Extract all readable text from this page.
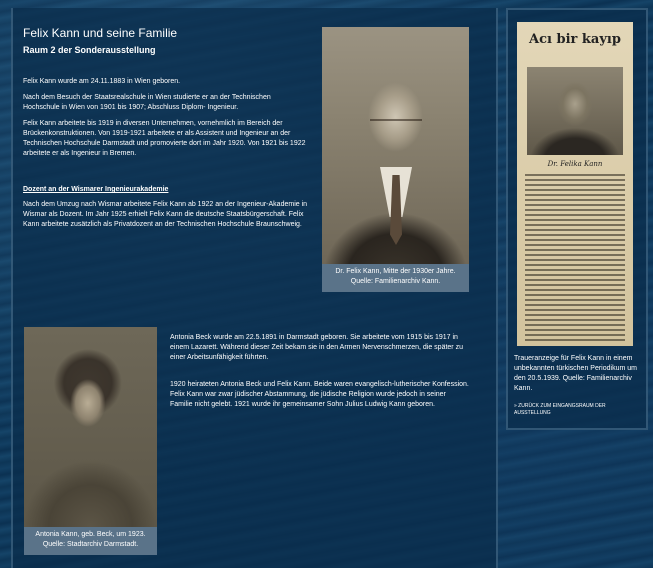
Felix Kann und seine Familie
Raum 2 der Sonderausstellung

Felix Kann wurde am 24.11.1883 in Wien geboren.

Nach dem Besuch der Staatsrealschule in Wien studierte er an der Technischen Hochschule in Wien von 1901 bis 1907; Abschluss Diplom- Ingenieur.

Felix Kann arbeitete bis 1919 in diversen Unternehmen, vornehmlich im Bereich der Brückenkonstruktionen. Von 1919-1921 arbeitete er als Assistent und Ingenieur an der Technischen Hochschule Darmstadt und promovierte dort im Jahr 1920. Von 1921 bis 1922 arbeitete er als Ingenieur in Bremen.

Dozent an der Wismarer Ingenieurakademie

Nach dem Umzug nach Wismar arbeitete Felix Kann ab 1922 an der Ingenieur-Akademie in Wismar als Dozent. Im Jahr 1925 erhielt Felix Kann die deutsche Staatsbürgerschaft. Felix Kann arbeitete zusätzlich als Privatdozent an der Technischen Hochschule Braunschweig.

Dr. Felix Kann, Mitte der 1930er Jahre.
Quelle: Familienarchiv Kann.
Antonia Kann, geb. Beck, um 1923.
Quelle: Stadtarchiv Darmstadt.

Antonia Beck wurde am 22.5.1891 in Darmstadt geboren. Sie arbeitete vom 1915 bis 1917 in einem Lazarett. Während dieser Zeit bekam sie in den Armen Nervenschmerzen, die später zu einer Arbeitsunfähigkeit führten.

1920 heirateten Antonia Beck und Felix Kann. Beide waren evangelisch-lutherischer Konfession. Felix Kann war zwar jüdischer Abstammung, die jüdische Religion wurde jedoch in seiner Familie nicht gelebt. 1921 wurde ihr gemeinsamer Sohn Julius Ludwig Kann geboren.

Acı bir kayıp
Dr. Felika Kann

Traueranzeige für Felix Kann in einem unbekannten türkischen Periodikum um den 20.5.1939. Quelle: Familienarchiv Kann.

» ZURÜCK ZUM EINGANGSRAUM DER AUSSTELLUNG
